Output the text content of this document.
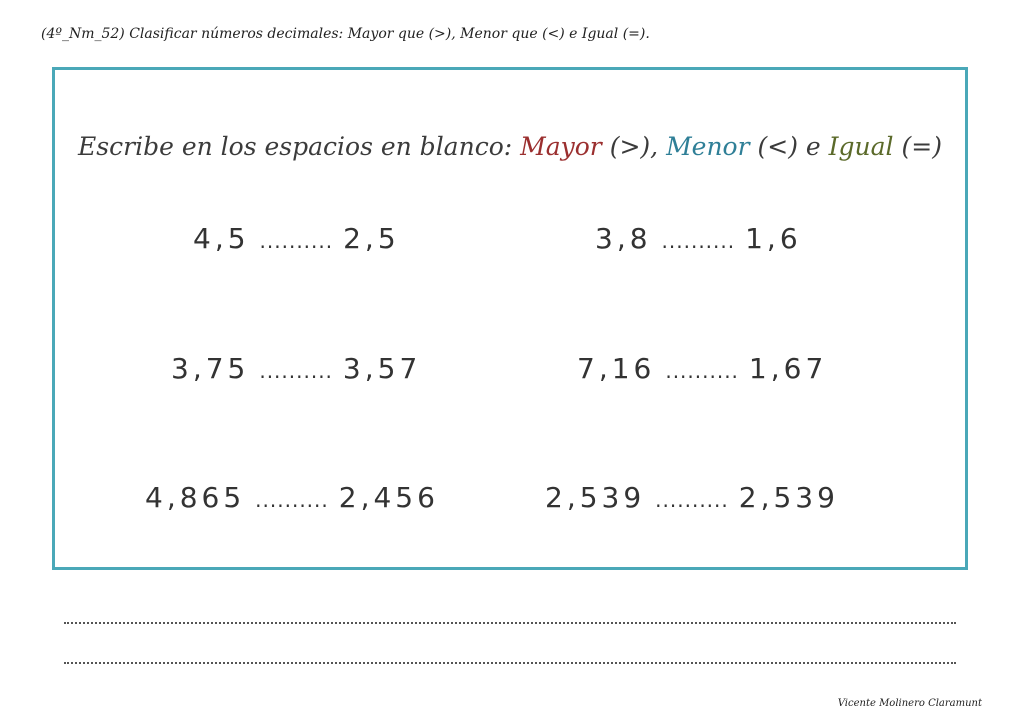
(4º_Nm_52) Clasificar números decimales: Mayor que (>), Menor que (<) e Igual (=).
Escribe en los espacios en blanco: Mayor (>), Menor (<) e Igual (=)
4,5 .......... 2,5	3,8 .......... 1,6
3,75 .......... 3,57	7,16 .......... 1,67
4,865 .......... 2,456	2,539 .......... 2,539
Vicente Molinero Claramunt
